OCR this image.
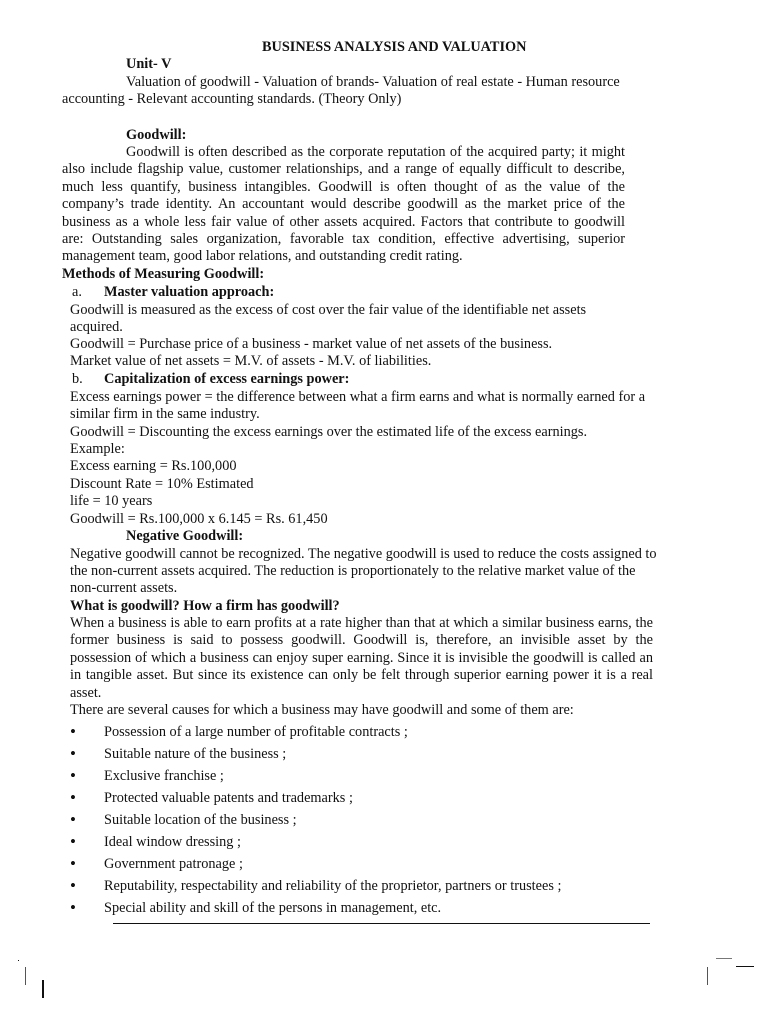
BUSINESS ANALYSIS AND VALUATION
Unit- V
Valuation of goodwill - Valuation of brands- Valuation of real estate - Human resource accounting - Relevant accounting standards. (Theory Only)
Goodwill:
Goodwill is often described as the corporate reputation of the acquired party; it might also include flagship value, customer relationships, and a range of equally difficult to describe, much less quantify, business intangibles. Goodwill is often thought of as the value of the company’s trade identity. An accountant would describe goodwill as the market price of the business as a whole less fair value of other assets acquired. Factors that contribute to goodwill are: Outstanding sales organization, favorable tax condition, effective advertising, superior management team, good labor relations, and outstanding credit rating.
Methods of Measuring Goodwill:
a. Master valuation approach:
Goodwill is measured as the excess of cost over the fair value of the identifiable net assets
acquired.
Goodwill = Purchase price of a business - market value of net assets of the business.
Market value of net assets = M.V. of assets - M.V. of liabilities.
b. Capitalization of excess earnings power:
Excess earnings power = the difference between what a firm earns and what is normally earned for a
similar firm in the same industry.
Goodwill = Discounting the excess earnings over the estimated life of the excess earnings.
Example:
Excess earning = Rs.100,000
Discount Rate = 10% Estimated
life = 10 years
Goodwill = Rs.100,000 x 6.145 = Rs. 61,450
Negative Goodwill:
Negative goodwill cannot be recognized. The negative goodwill is used to reduce the costs assigned to
the non-current assets acquired. The reduction is proportionately to the relative market value of the
non-current assets.
What is goodwill? How a firm has goodwill?
When a business is able to earn profits at a rate higher than that at which a similar business earns, the former business is said to possess goodwill. Goodwill is, therefore, an invisible asset by the possession of which a business can enjoy super earning. Since it is invisible the goodwill is called an in tangible asset. But since its existence can only be felt through superior earning power it is a real asset.
There are several causes for which a business may have goodwill and some of them are:
• Possession of a large number of profitable contracts ;
• Suitable nature of the business ;
• Exclusive franchise ;
• Protected valuable patents and trademarks ;
• Suitable location of the business ;
• Ideal window dressing ;
• Government patronage ;
• Reputability, respectability and reliability of the proprietor, partners or trustees ;
• Special ability and skill of the persons in management, etc.
